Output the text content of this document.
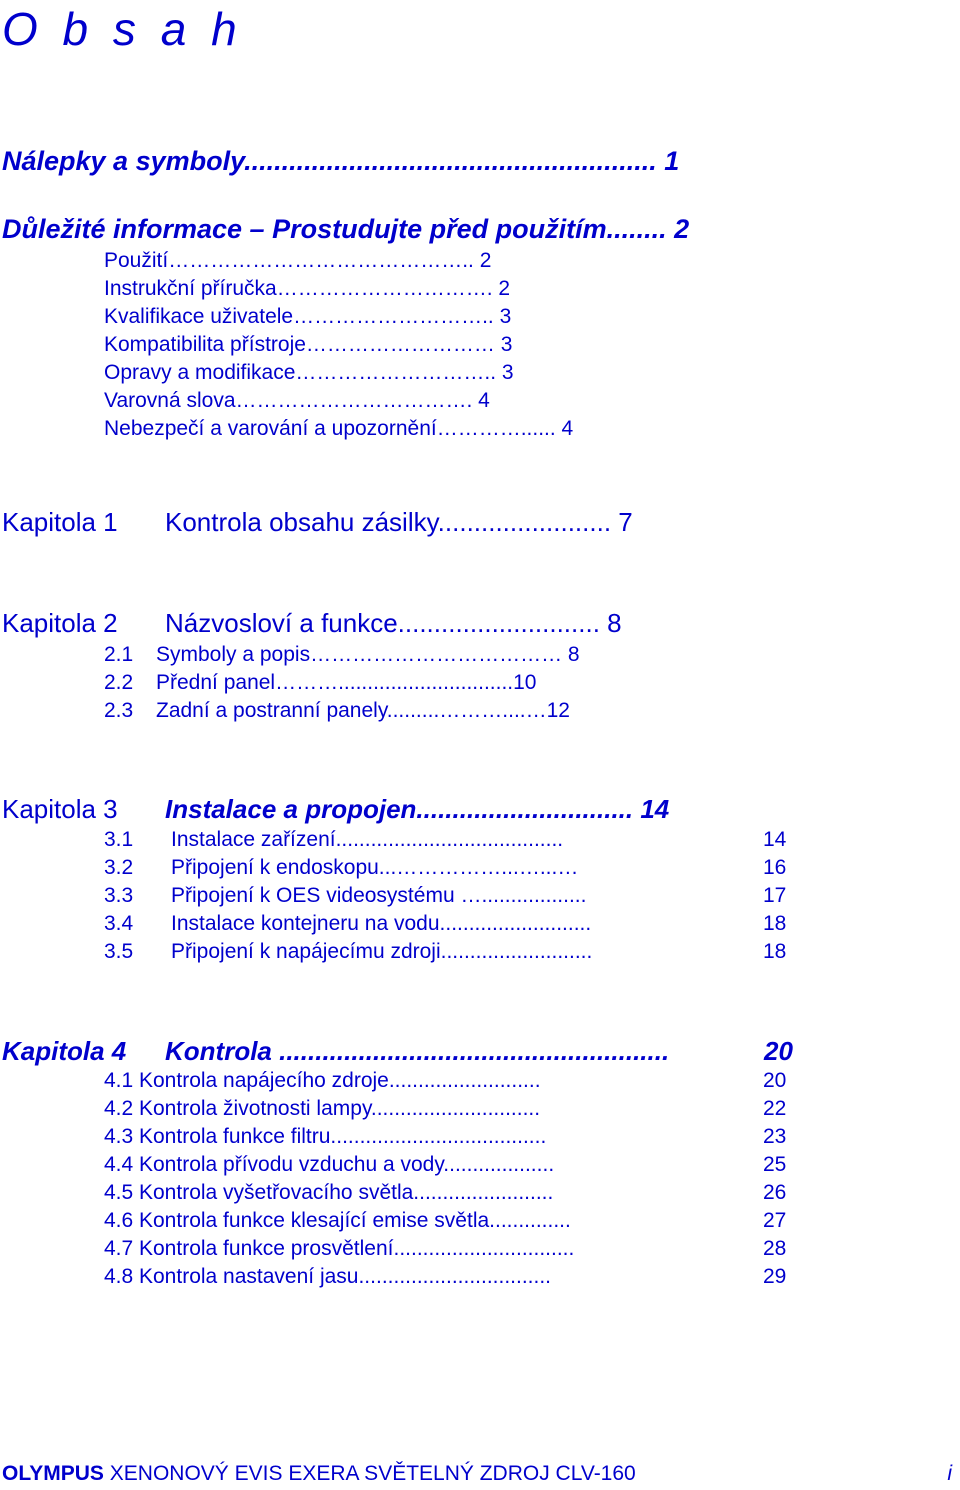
O b s a h
Nálepky a symboly....................................................... 1
Důležité informace – Prostudujte před použitím........ 2
Použití…………………………………….. 2
Instrukční příručka…………………………. 2
Kvalifikace uživatele……………………….. 3
Kompatibilita přístroje……………………… 3
Opravy a modifikace……………………….. 3
Varovná slova……………………………. 4
Nebezpečí a varování a upozornění…………...... 4
Kapitola 1 Kontrola obsahu zásilky........................ 7
Kapitola 2 Názvosloví a funkce............................ 8
2.1 Symboly a popis……………………………… 8
2.2 Přední panel………..............................10
2.3 Zadní a postranní panely.........………....…12
Kapitola 3 Instalace a propojen.............................. 14
3.1 Instalace zařízení.......................................	14
3.2 Připojení k endoskopu...……………...…...…	16
3.3 Připojení k OES videosystému …..................	17
3.4 Instalace kontejneru na vodu..........................	18
3.5 Připojení k napájecímu zdroji..........................	18
Kapitola 4 Kontrola ......................................................	20
4.1 Kontrola napájecího zdroje..........................	20
4.2 Kontrola životnosti lampy.............................	22
4.3 Kontrola funkce filtru.....................................	23
4.4 Kontrola přívodu vzduchu a vody...................	25
4.5 Kontrola vyšetřovacího světla........................	26
4.6 Kontrola funkce klesající emise světla..............	27
4.7 Kontrola funkce prosvětlení...............................	28
4.8 Kontrola nastavení jasu.................................	29
OLYMPUS XENONOVÝ EVIS EXERA SVĚTELNÝ ZDROJ CLV-160	i
